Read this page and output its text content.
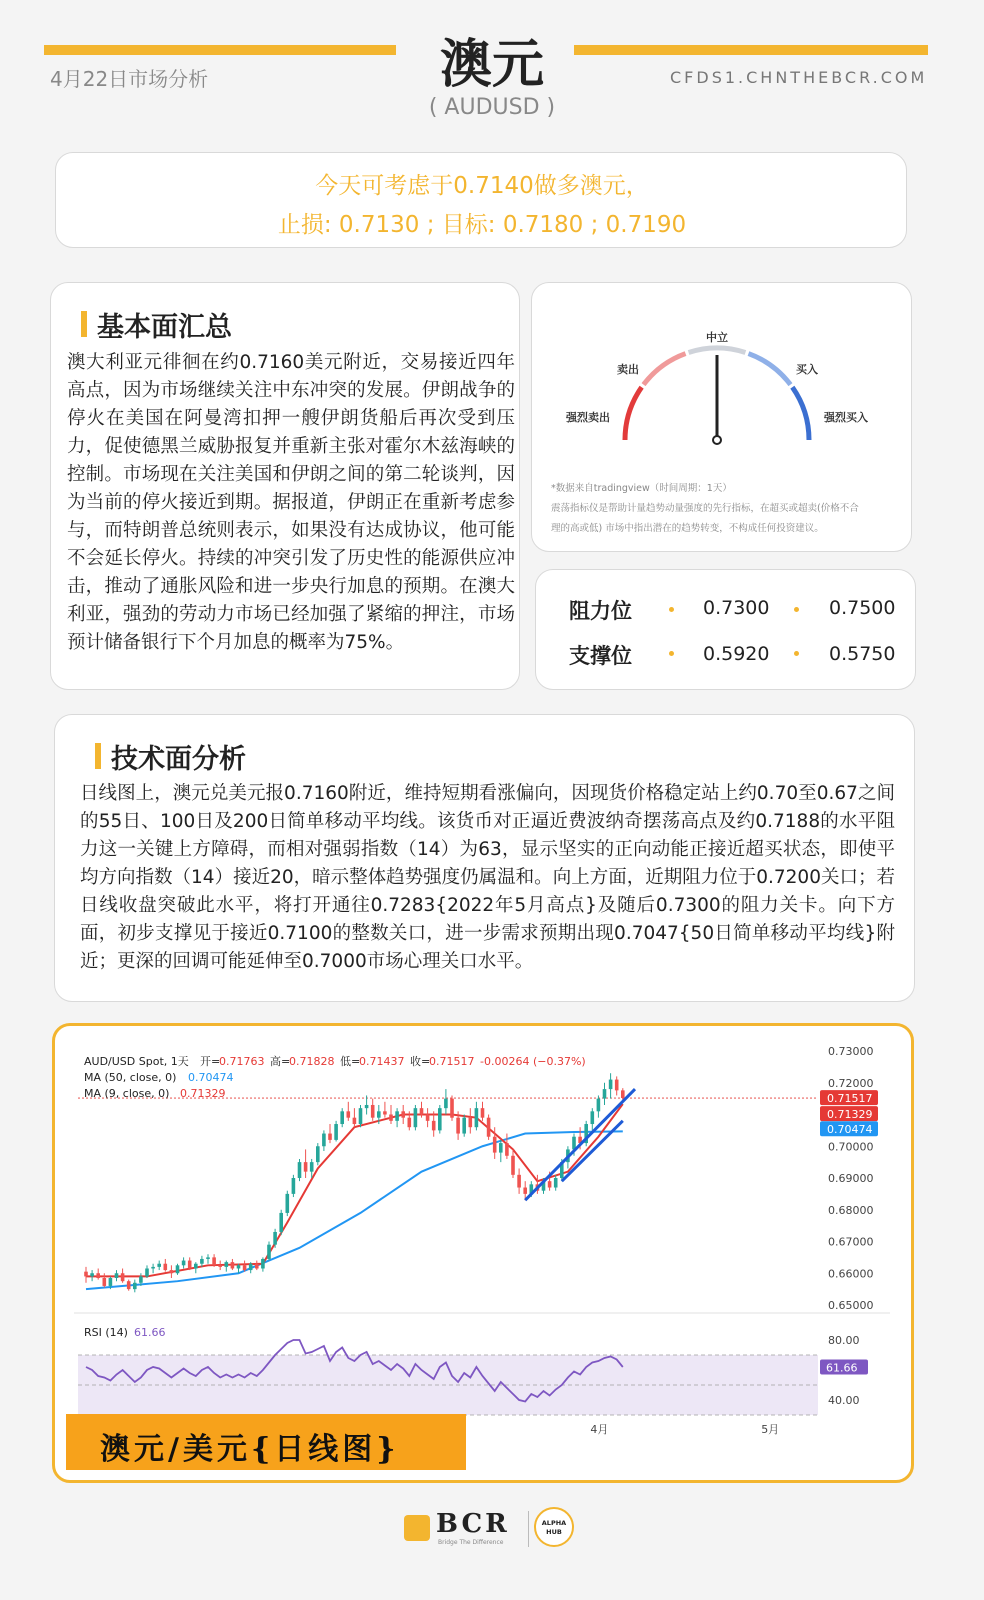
4月22日市场分析	澳元
( AUDUSD )
CFDS1.CHNTHEBCR.COM
今天可考虑于0.7140做多澳元，
止损: 0.7130 ; 目标: 0.7180 ; 0.7190
基本面汇总
澳大利亚元徘徊在约0.7160美元附近，交易接近四年高点，因为市场继续关注中东冲突的发展。伊朗战争的停火在美国在阿曼湾扣押一艘伊朗货船后再次受到压力，促使德黑兰威胁报复并重新主张对霍尔木兹海峡的控制。市场现在关注美国和伊朗之间的第二轮谈判，因为当前的停火接近到期。据报道，伊朗正在重新考虑参与，而特朗普总统则表示，如果没有达成协议，他可能不会延长停火。持续的冲突引发了历史性的能源供应冲击，推动了通胀风险和进一步央行加息的预期。在澳大利亚，强劲的劳动力市场已经加强了紧缩的押注，市场预计储备银行下个月加息的概率为75%。
中立
卖出	买入
强烈卖出	强烈买入
*数据来自tradingview（时间周期：1天）
震荡指标仪是帮助计量趋势动量强度的先行指标，在超买或超卖(价格不合
理的高或低) 市场中指出潜在的趋势转变，不构成任何投资建议。
阻力位	0.7300	0.7500
支撑位	0.5920	0.5750
技术面分析
日线图上，澳元兑美元报0.7160附近，维持短期看涨偏向，因现货价格稳定站上约0.70至0.67之间的55日、100日及200日简单移动平均线。该货币对正逼近费波纳奇摆荡高点及约0.7188的水平阻力这一关键上方障碍，而相对强弱指数（14）为63，显示坚实的正向动能正接近超买状态，即使平均方向指数（14）接近20，暗示整体趋势强度仍属温和。向上方面，近期阻力位于0.7200关口；若日线收盘突破此水平，将打开通往0.7283{2022年5月高点}及随后0.7300的阻力关卡。向下方面，初步支撑见于接近0.7100的整数关口，进一步需求预期出现0.7047{50日简单移动平均线}附近；更深的回调可能延伸至0.7000市场心理关口水平。
0.73000
0.72000
0.70000
0.69000
0.68000
0.67000
0.66000
0.65000
0.71517
0.71329
0.70474
80.00
40.00
61.66
4月	5月
AUD/USD Spot, 1天 开=
0.71763 高=
0.71828 低=
0.71437 收=
0.71517 -0.00264 (−0.37%)
MA (50, close, 0) 0.70474
MA (9, close, 0) 0.71329
RSI (14) 61.66
澳元/美元{日线图}
BCR
Bridge The Difference
ALPHA
HUB
